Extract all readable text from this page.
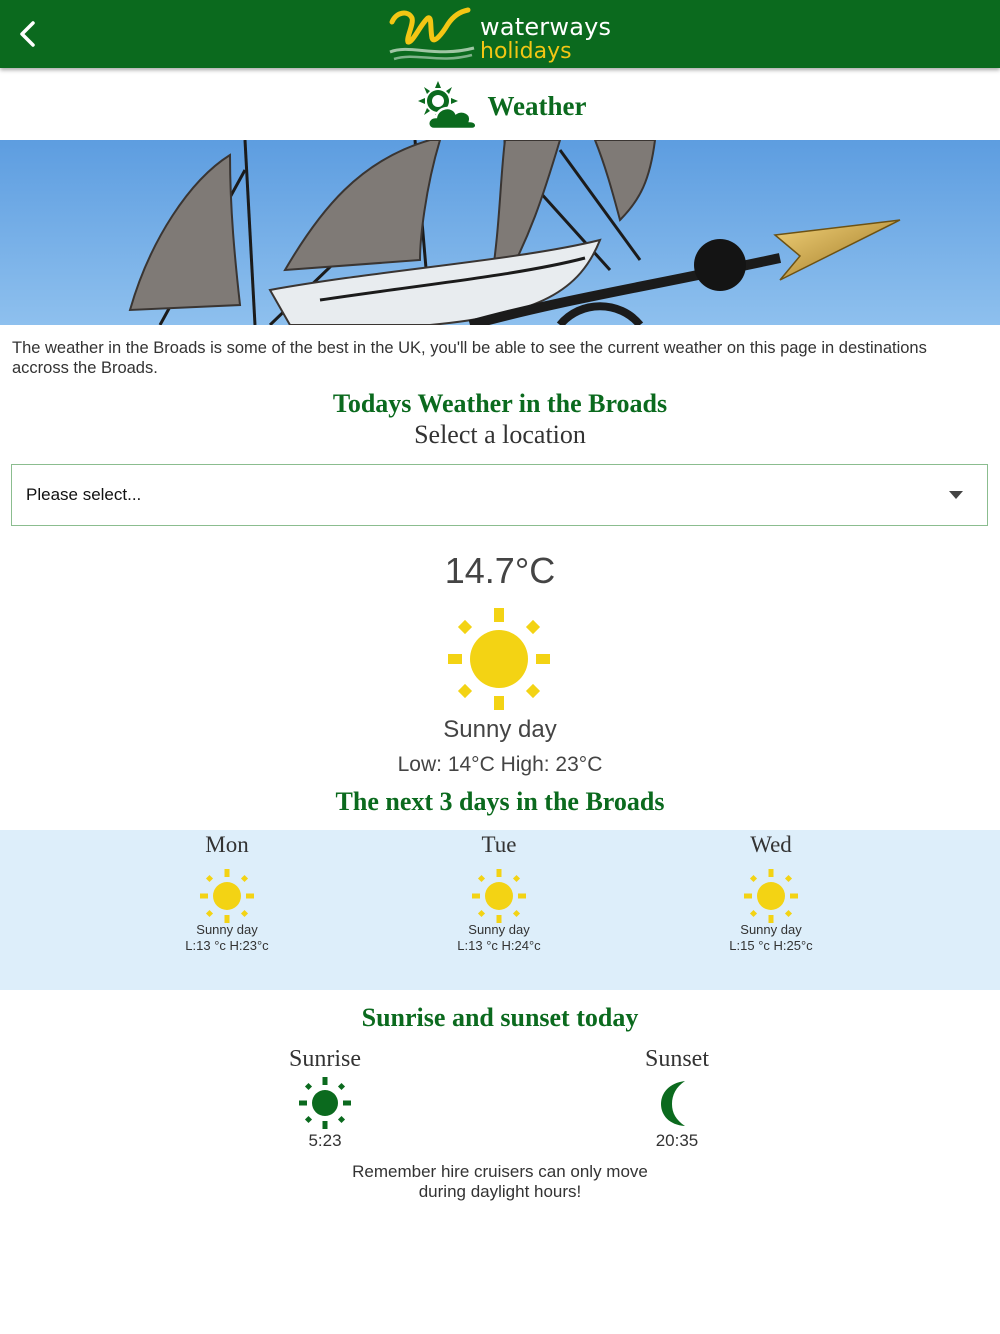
waterways
holidays
Weather
The weather in the Broads is some of the best in the UK, you'll be able to see the current weather on this page in destinations accross the Broads.
Todays Weather in the Broads
Select a location
Please select...
14.7°C
Sunny day
Low: 14°C High: 23°C
The next 3 days in the Broads
Mon
Sunny day
L:13 °c H:23°c
Tue
Sunny day
L:13 °c H:24°c
Wed
Sunny day
L:15 °c H:25°c
Sunrise and sunset today
Sunrise
5:23
Sunset
20:35
Remember hire cruisers can only move
during daylight hours!
